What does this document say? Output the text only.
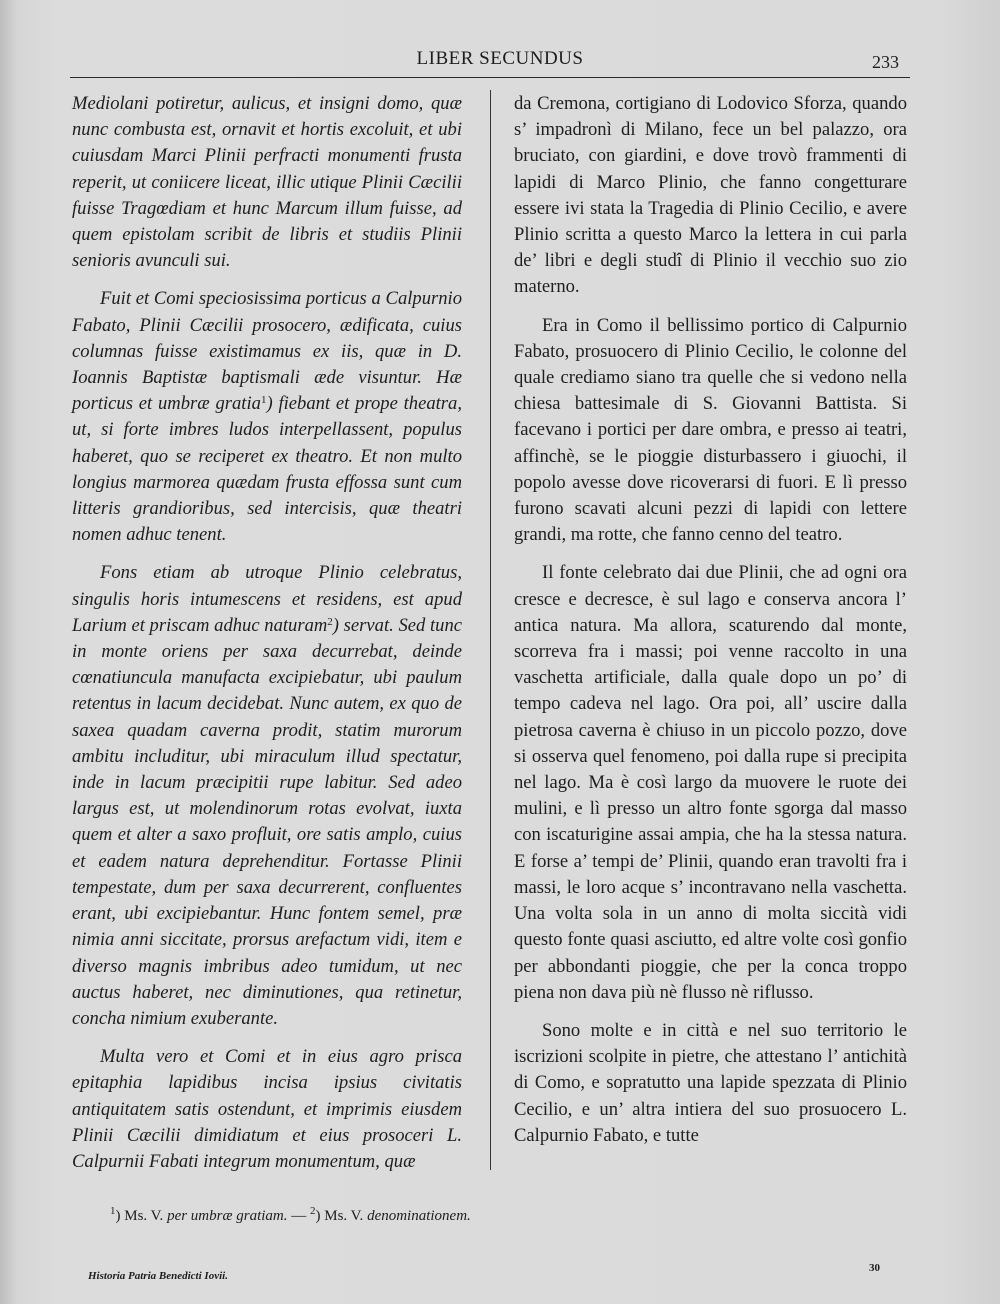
LIBER SECUNDUS	233

Mediolani potiretur, aulicus, et insigni domo, quæ nunc combusta est, ornavit et hortis excoluit, et ubi cuiusdam Marci Plinii perfracti monumenti frusta reperit, ut coniicere liceat, illic utique Plinii Cæcilii fuisse Tragœdiam et hunc Marcum illum fuisse, ad quem epistolam scribit de libris et studiis Plinii senioris avunculi sui.

Fuit et Comi speciosissima porticus a Calpurnio Fabato, Plinii Cæcilii prosocero, ædificata, cuius columnas fuisse existimamus ex iis, quæ in D. Ioannis Baptistæ baptismali æde visuntur. Hæ porticus et umbræ gratia$^1$) fiebant et prope theatra, ut, si forte imbres ludos interpellassent, populus haberet, quo se reciperet ex theatro. Et non multo longius marmorea quædam frusta effossa sunt cum litteris grandioribus, sed intercisis, quæ theatri nomen adhuc tenent.

Fons etiam ab utroque Plinio celebratus, singulis horis intumescens et residens, est apud Larium et priscam adhuc naturam$^2$) servat. Sed tunc in monte oriens per saxa decurrebat, deinde cœnatiuncula manufacta excipiebatur, ubi paulum retentus in lacum decidebat. Nunc autem, ex quo de saxea quadam caverna prodit, statim murorum ambitu includitur, ubi miraculum illud spectatur, inde in lacum præcipitii rupe labitur. Sed adeo largus est, ut molendinorum rotas evolvat, iuxta quem et alter a saxo profluit, ore satis amplo, cuius et eadem natura deprehenditur. Fortasse Plinii tempestate, dum per saxa decurrerent, confluentes erant, ubi excipiebantur. Hunc fontem semel, præ nimia anni siccitate, prorsus arefactum vidi, item e diverso magnis imbribus adeo tumidum, ut nec auctus haberet, nec diminutiones, qua retinetur, concha nimium exuberante.

Multa vero et Comi et in eius agro prisca epitaphia lapidibus incisa ipsius civitatis antiquitatem satis ostendunt, et imprimis eiusdem Plinii Cæcilii dimidiatum et eius prosoceri L. Calpurnii Fabati integrum monumentum, quæ

da Cremona, cortigiano di Lodovico Sforza, quando s’ impadronì di Milano, fece un bel palazzo, ora bruciato, con giardini, e dove trovò frammenti di lapidi di Marco Plinio, che fanno congetturare essere ivi stata la Tragedia di Plinio Cecilio, e avere Plinio scritta a questo Marco la lettera in cui parla de’ libri e degli studî di Plinio il vecchio suo zio materno.

Era in Como il bellissimo portico di Calpurnio Fabato, prosuocero di Plinio Cecilio, le colonne del quale crediamo siano tra quelle che si vedono nella chiesa battesimale di S. Giovanni Battista. Si facevano i portici per dare ombra, e presso ai teatri, affinchè, se le pioggie disturbassero i giuochi, il popolo avesse dove ricoverarsi di fuori. E lì presso furono scavati alcuni pezzi di lapidi con lettere grandi, ma rotte, che fanno cenno del teatro.

Il fonte celebrato dai due Plinii, che ad ogni ora cresce e decresce, è sul lago e conserva ancora l’ antica natura. Ma allora, scaturendo dal monte, scorreva fra i massi; poi venne raccolto in una vaschetta artificiale, dalla quale dopo un po’ di tempo cadeva nel lago. Ora poi, all’ uscire dalla pietrosa caverna è chiuso in un piccolo pozzo, dove si osserva quel fenomeno, poi dalla rupe si precipita nel lago. Ma è così largo da muovere le ruote dei mulini, e lì presso un altro fonte sgorga dal masso con iscaturigine assai ampia, che ha la stessa natura. E forse a’ tempi de’ Plinii, quando eran travolti fra i massi, le loro acque s’ incontravano nella vaschetta. Una volta sola in un anno di molta siccità vidi questo fonte quasi asciutto, ed altre volte così gonfio per abbondanti pioggie, che per la conca troppo piena non dava più nè flusso nè riflusso.

Sono molte e in città e nel suo territorio le iscrizioni scolpite in pietre, che attestano l’ antichità di Como, e sopratutto una lapide spezzata di Plinio Cecilio, e un’ altra intiera del suo prosuocero L. Calpurnio Fabato, e tutte

$^1$) Ms. V. per umbræ gratiam. — $^2$) Ms. V. denominationem.
Historia Patria Benedicti Iovii.
30
